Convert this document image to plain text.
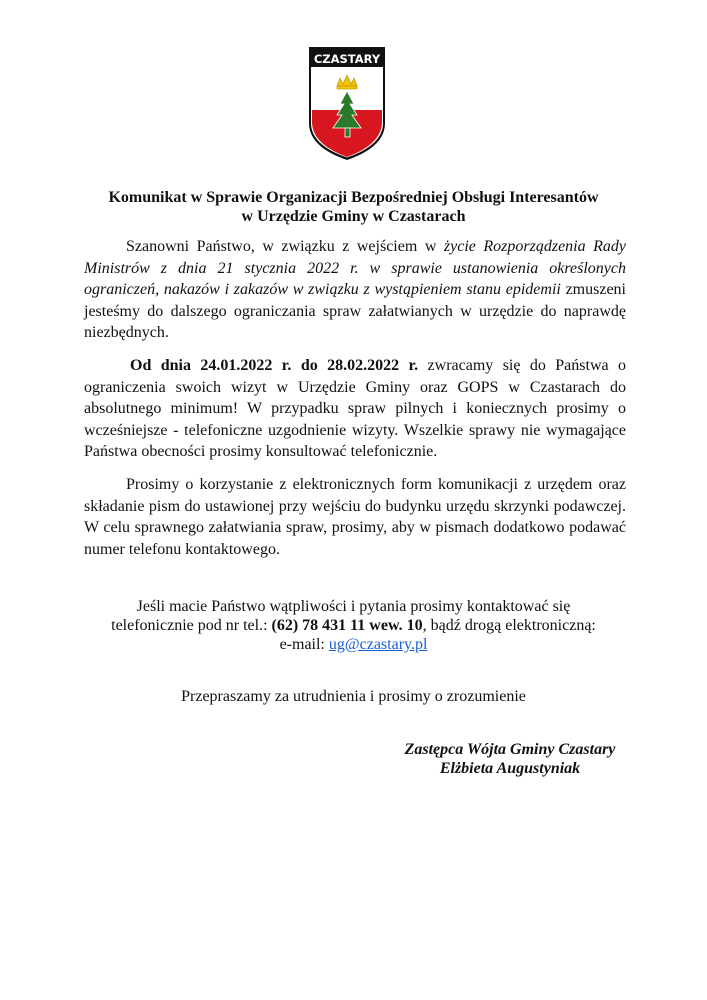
CZASTARY
Komunikat w Sprawie Organizacji Bezpośredniej Obsługi Interesantów
w Urzędzie Gminy w Czastarach
Szanowni Państwo, w związku z wejściem w życie Rozporządzenia Rady Ministrów z dnia 21 stycznia 2022 r. w sprawie ustanowienia określonych ograniczeń, nakazów i zakazów w związku z wystąpieniem stanu epidemii zmuszeni jesteśmy do dalszego ograniczania spraw załatwianych w urzędzie do naprawdę niezbędnych.
Od dnia 24.01.2022 r. do 28.02.2022 r. zwracamy się do Państwa o ograniczenia swoich wizyt w Urzędzie Gminy oraz GOPS w Czastarach do absolutnego minimum! W przypadku spraw pilnych i koniecznych prosimy o wcześniejsze - telefoniczne uzgodnienie wizyty. Wszelkie sprawy nie wymagające Państwa obecności prosimy konsultować telefonicznie.
Prosimy o korzystanie z elektronicznych form komunikacji z urzędem oraz składanie pism do ustawionej przy wejściu do budynku urzędu skrzynki podawczej. W celu sprawnego załatwiania spraw, prosimy, aby w pismach dodatkowo podawać numer telefonu kontaktowego.
Jeśli macie Państwo wątpliwości i pytania prosimy kontaktować się
telefonicznie pod nr tel.: (62) 78 431 11 wew. 10, bądź drogą elektroniczną:
e-mail: ug@czastary.pl
Przepraszamy za utrudnienia i prosimy o zrozumienie
Zastępca Wójta Gminy Czastary
Elżbieta Augustyniak
